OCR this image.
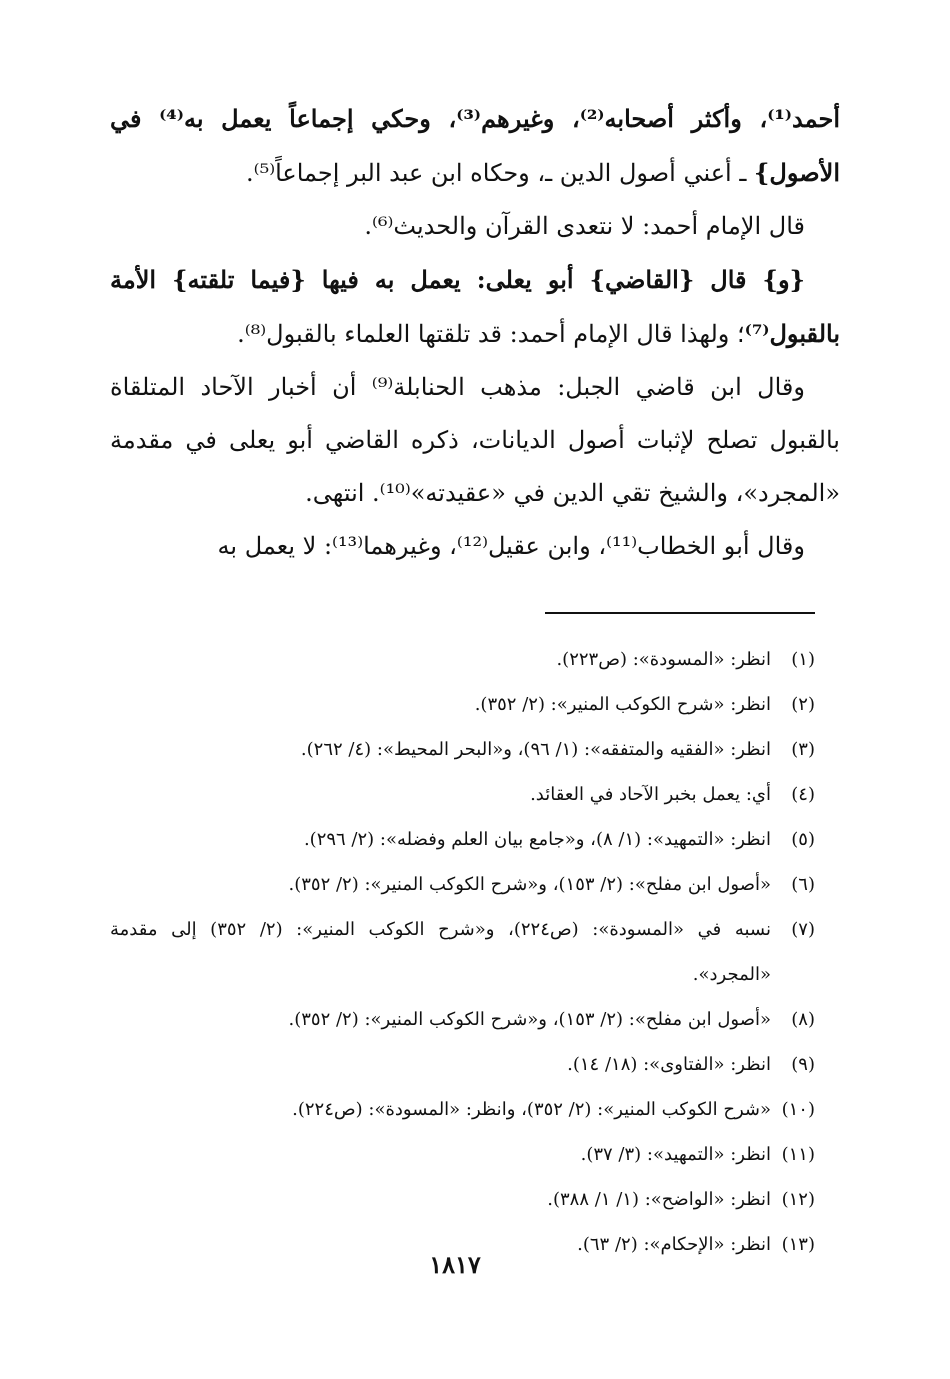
أحمد⁽¹⁾، وأكثر أصحابه⁽²⁾، وغيرهم⁽³⁾، وحكي إجماعاً يعمل به⁽⁴⁾ في الأصول} ـ أعني أصول الدين ـ، وحكاه ابن عبد البر إجماعاً⁽⁵⁾.

قال الإمام أحمد: لا نتعدى القرآن والحديث⁽⁶⁾.

{و} قال {القاضي} أبو يعلى: يعمل به فيها {فيما تلقته} الأمة بالقبول⁽⁷⁾؛ ولهذا قال الإمام أحمد: قد تلقتها العلماء بالقبول⁽⁸⁾.

وقال ابن قاضي الجبل: مذهب الحنابلة⁽⁹⁾ أن أخبار الآحاد المتلقاة بالقبول تصلح لإثبات أصول الديانات، ذكره القاضي أبو يعلى في مقدمة «المجرد»، والشيخ تقي الدين في «عقيدته»⁽¹⁰⁾. انتهى.

وقال أبو الخطاب⁽¹¹⁾، وابن عقيل⁽¹²⁾، وغيرهما⁽¹³⁾: لا يعمل به

(١)
انظر: «المسودة»: (ص٢٢٣).
(٢)
انظر: «شرح الكوكب المنير»: (٢/ ٣٥٢).
(٣)
انظر: «الفقيه والمتفقه»: (١/ ٩٦)، و«البحر المحيط»: (٤/ ٢٦٢).
(٤)
أي: يعمل بخبر الآحاد في العقائد.
(٥)
انظر: «التمهيد»: (١/ ٨)، و«جامع بيان العلم وفضله»: (٢/ ٢٩٦).
(٦)
«أصول ابن مفلح»: (٢/ ١٥٣)، و«شرح الكوكب المنير»: (٢/ ٣٥٢).
(٧)
نسبه في «المسودة»: (ص٢٢٤)، و«شرح الكوكب المنير»: (٢/ ٣٥٢) إلى مقدمة «المجرد».
(٨)
«أصول ابن مفلح»: (٢/ ١٥٣)، و«شرح الكوكب المنير»: (٢/ ٣٥٢).
(٩)
انظر: «الفتاوى»: (١٨/ ١٤).
(١٠)
«شرح الكوكب المنير»: (٢/ ٣٥٢)، وانظر: «المسودة»: (ص٢٢٤).
(١١)
انظر: «التمهيد»: (٣/ ٣٧).
(١٢)
انظر: «الواضح»: (١/ ١/ ٣٨٨).
(١٣)
انظر: «الإحكام»: (٢/ ٦٣).
١٨١٧
